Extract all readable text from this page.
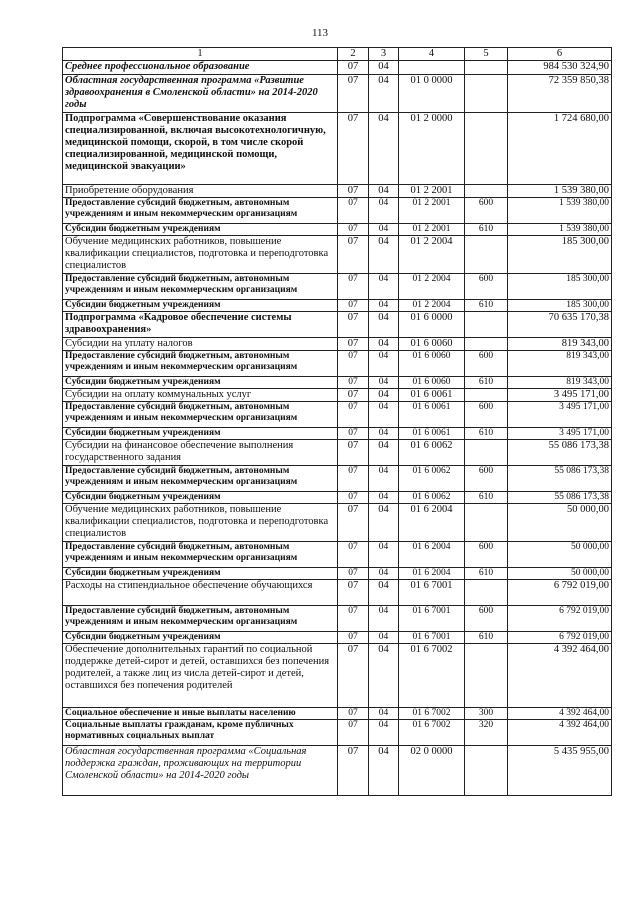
113
1	2	3	4	5	6
Среднее профессиональное образование	07	04			984 530 324,90
Областная государственная программа «Развитие здравоохранения в Смоленской области» на 2014-2020 годы	07	04	01 0 0000		72 359 850,38
Подпрограмма «Совершенствование оказания специализированной, включая высокотехнологичную, медицинской помощи, скорой, в том числе скорой специализированной, медицинской помощи, медицинской эвакуации»	07	04	01 2 0000		1 724 680,00
Приобретение оборудования	07	04	01 2 2001		1 539 380,00
Предоставление субсидий бюджетным, автономным учреждениям и иным некоммерческим организациям	07	04	01 2 2001	600	1 539 380,00
Субсидии бюджетным учреждениям	07	04	01 2 2001	610	1 539 380,00
Обучение медицинских работников, повышение квалификации специалистов, подготовка и переподготовка специалистов	07	04	01 2 2004		185 300,00
Предоставление субсидий бюджетным, автономным учреждениям и иным некоммерческим организациям	07	04	01 2 2004	600	185 300,00
Субсидии бюджетным учреждениям	07	04	01 2 2004	610	185 300,00
Подпрограмма «Кадровое обеспечение системы здравоохранения»	07	04	01 6 0000		70 635 170,38
Субсидии на уплату налогов	07	04	01 6 0060		819 343,00
Предоставление субсидий бюджетным, автономным учреждениям и иным некоммерческим организациям	07	04	01 6 0060	600	819 343,00
Субсидии бюджетным учреждениям	07	04	01 6 0060	610	819 343,00
Субсидии на оплату коммунальных услуг	07	04	01 6 0061		3 495 171,00
Предоставление субсидий бюджетным, автономным учреждениям и иным некоммерческим организациям	07	04	01 6 0061	600	3 495 171,00
Субсидии бюджетным учреждениям	07	04	01 6 0061	610	3 495 171,00
Субсидии на финансовое обеспечение выполнения государственного задания	07	04	01 6 0062		55 086 173,38
Предоставление субсидий бюджетным, автономным учреждениям и иным некоммерческим организациям	07	04	01 6 0062	600	55 086 173,38
Субсидии бюджетным учреждениям	07	04	01 6 0062	610	55 086 173,38
Обучение медицинских работников, повышение квалификации специалистов, подготовка и переподготовка специалистов	07	04	01 6 2004		50 000,00
Предоставление субсидий бюджетным, автономным учреждениям и иным некоммерческим организациям	07	04	01 6 2004	600	50 000,00
Субсидии бюджетным учреждениям	07	04	01 6 2004	610	50 000,00
Расходы на стипендиальное обеспечение обучающихся	07	04	01 6 7001		6 792 019,00
Предоставление субсидий бюджетным, автономным учреждениям и иным некоммерческим организациям	07	04	01 6 7001	600	6 792 019,00
Субсидии бюджетным учреждениям	07	04	01 6 7001	610	6 792 019,00
Обеспечение дополнительных гарантий по социальной поддержке детей-сирот и детей, оставшихся без попечения родителей, а также лиц из числа детей-сирот и детей, оставшихся без попечения родителей	07	04	01 6 7002		4 392 464,00
Социальное обеспечение и иные выплаты населению	07	04	01 6 7002	300	4 392 464,00
Социальные выплаты гражданам, кроме публичных нормативных социальных выплат	07	04	01 6 7002	320	4 392 464,00
Областная государственная программа «Социальная поддержка граждан, проживающих на территории Смоленской области» на 2014-2020 годы	07	04	02 0 0000		5 435 955,00
